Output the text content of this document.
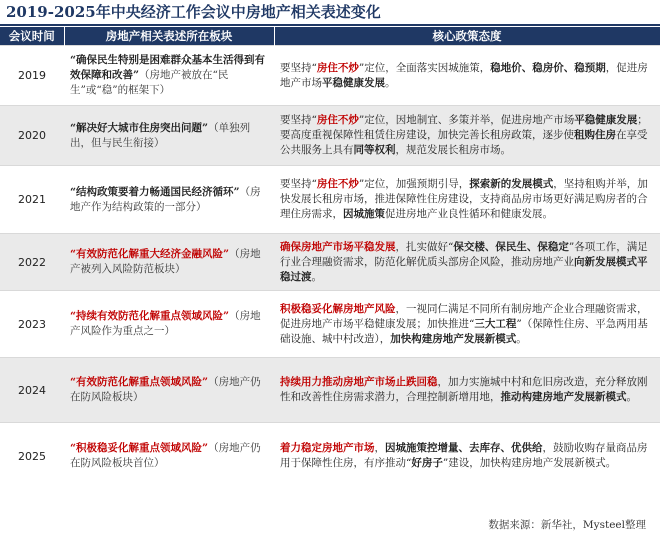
2019-2025年中央经济工作会议中房地产相关表述变化
会议时间	房地产相关表述所在板块	核心政策态度
2019	“确保民生特别是困难群众基本生活得到有效保障和改善”（房地产被放在“民生”或“稳”的框架下）	要坚持“房住不炒”定位，全面落实因城施策，稳地价、稳房价、稳预期，促进房地产市场平稳健康发展。
2020	“解决好大城市住房突出问题”（单独列出，但与民生衔接）	要坚持“房住不炒”定位，因地制宜、多策并举，促进房地产市场平稳健康发展；要高度重视保障性租赁住房建设，加快完善长租房政策，逐步使租购住房在享受公共服务上具有同等权利，规范发展长租房市场。
2021	“结构政策要着力畅通国民经济循环”（房地产作为结构政策的一部分）	要坚持“房住不炒”定位，加强预期引导，探索新的发展模式，坚持租购并举，加快发展长租房市场，推进保障性住房建设，支持商品房市场更好满足购房者的合理住房需求，因城施策促进房地产业良性循环和健康发展。
2022	“有效防范化解重大经济金融风险”（房地产被列入风险防范板块）	确保房地产市场平稳发展，扎实做好“保交楼、保民生、保稳定”各项工作，满足行业合理融资需求，防范化解优质头部房企风险，推动房地产业向新发展模式平稳过渡。
2023	“持续有效防范化解重点领域风险”（房地产风险作为重点之一）	积极稳妥化解房地产风险，一视同仁满足不同所有制房地产企业合理融资需求，促进房地产市场平稳健康发展；加快推进“三大工程”（保障性住房、平急两用基础设施、城中村改造），加快构建房地产发展新模式。
2024	“有效防范化解重点领域风险”（房地产仍在防风险板块）	持续用力推动房地产市场止跌回稳，加力实施城中村和危旧房改造，充分释放刚性和改善性住房需求潜力，合理控制新增用地，推动构建房地产发展新模式。
2025	“积极稳妥化解重点领域风险”（房地产仍在防风险板块首位）	着力稳定房地产市场，因城施策控增量、去库存、优供给，鼓励收购存量商品房用于保障性住房，有序推动“好房子”建设，加快构建房地产发展新模式。
数据来源：新华社，Mysteel整理
